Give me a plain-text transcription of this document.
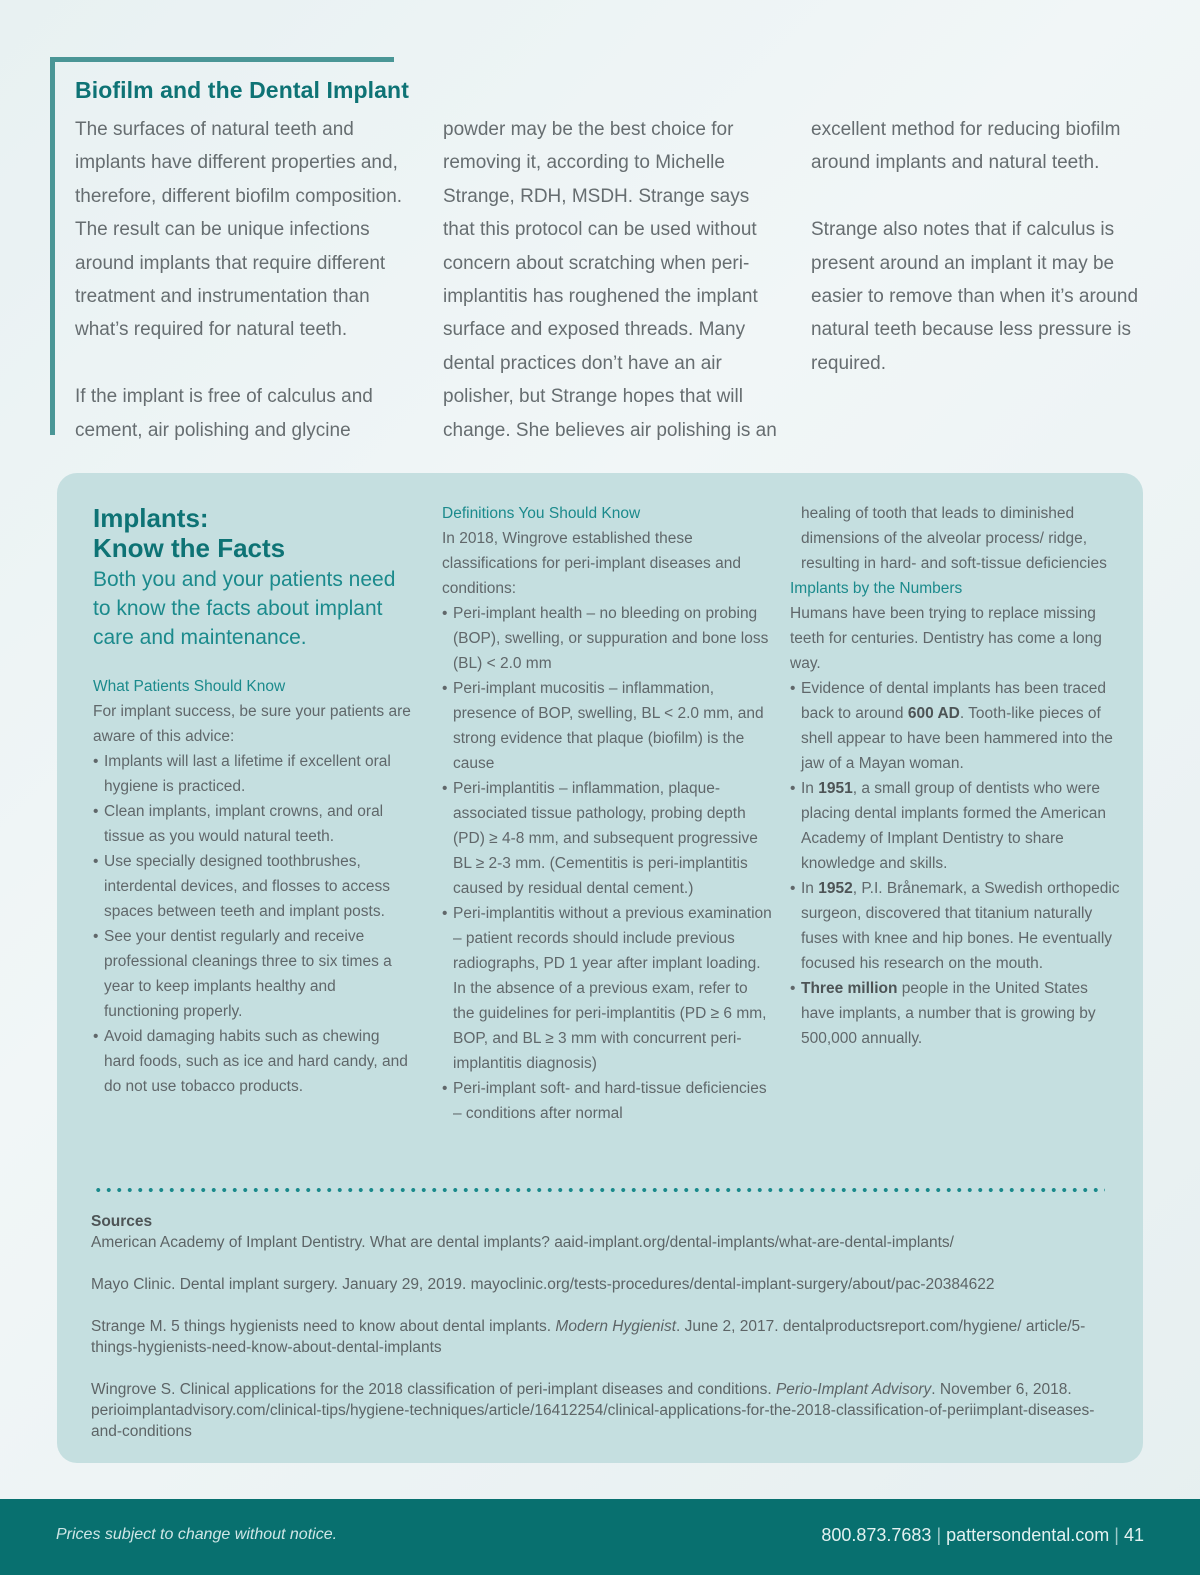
Biofilm and the Dental Implant

The surfaces of natural teeth and implants have different properties and, therefore, different biofilm composition. The result can be unique infections around implants that require different treatment and instrumentation than what’s required for natural teeth.

If the implant is free of calculus and cement, air polishing and glycine

powder may be the best choice for removing it, according to Michelle Strange, RDH, MSDH. Strange says that this protocol can be used without concern about scratching when peri-implantitis has roughened the implant surface and exposed threads. Many dental practices don’t have an air polisher, but Strange hopes that will change. She believes air polishing is an

excellent method for reducing biofilm around implants and natural teeth.

Strange also notes that if calculus is present around an implant it may be easier to remove than when it’s around natural teeth because less pressure is required.

Implants:
Know the Facts

Both you and your patients need to know the facts about implant care and maintenance.

What Patients Should Know

For implant success, be sure your patients are aware of this advice:

• Implants will last a lifetime if excellent oral hygiene is practiced.
• Clean implants, implant crowns, and oral tissue as you would natural teeth.
• Use specially designed toothbrushes, interdental devices, and flosses to access spaces between teeth and implant posts.
• See your dentist regularly and receive professional cleanings three to six times a year to keep implants healthy and functioning properly.
• Avoid damaging habits such as chewing hard foods, such as ice and hard candy, and do not use tobacco products.

Definitions You Should Know

In 2018, Wingrove established these classifications for peri-implant diseases and conditions:

• Peri-implant health – no bleeding on probing (BOP), swelling, or suppuration and bone loss (BL) < 2.0 mm
• Peri-implant mucositis – inflammation, presence of BOP, swelling, BL < 2.0 mm, and strong evidence that plaque (biofilm) is the cause
• Peri-implantitis – inflammation, plaque-associated tissue pathology, probing depth (PD) ≥ 4-8 mm, and subsequent progressive BL ≥ 2-3 mm. (Cementitis is peri-implantitis caused by residual dental cement.)
• Peri-implantitis without a previous examination – patient records should include previous radiographs, PD 1 year after implant loading. In the absence of a previous exam, refer to the guidelines for peri-implantitis (PD ≥ 6 mm, BOP, and BL ≥ 3 mm with concurrent peri-implantitis diagnosis)
• Peri-implant soft- and hard-tissue deficiencies – conditions after normal

healing of tooth that leads to diminished dimensions of the alveolar process/ ridge, resulting in hard- and soft-tissue deficiencies

Implants by the Numbers

Humans have been trying to replace missing teeth for centuries. Dentistry has come a long way.

• Evidence of dental implants has been traced back to around 600 AD. Tooth-like pieces of shell appear to have been hammered into the jaw of a Mayan woman.
• In 1951, a small group of dentists who were placing dental implants formed the American Academy of Implant Dentistry to share knowledge and skills.
• In 1952, P.I. Brånemark, a Swedish orthopedic surgeon, discovered that titanium naturally fuses with knee and hip bones. He eventually focused his research on the mouth.
• Three million people in the United States have implants, a number that is growing by 500,000 annually.

Sources

American Academy of Implant Dentistry. What are dental implants? aaid-implant.org/dental-implants/what-are-dental-implants/

Mayo Clinic. Dental implant surgery. January 29, 2019. mayoclinic.org/tests-procedures/dental-implant-surgery/about/pac-20384622

Strange M. 5 things hygienists need to know about dental implants. Modern Hygienist. June 2, 2017. dentalproductsreport.com/hygiene/ article/5-things-hygienists-need-know-about-dental-implants

Wingrove S. Clinical applications for the 2018 classification of peri-implant diseases and conditions. Perio-Implant Advisory. November 6, 2018. perioimplantadvisory.com/clinical-tips/hygiene-techniques/article/16412254/clinical-applications-for-the-2018-classification-of-periimplant-diseases-and-conditions

Prices subject to change without notice.	800.873.7683 | pattersondental.com | 41
